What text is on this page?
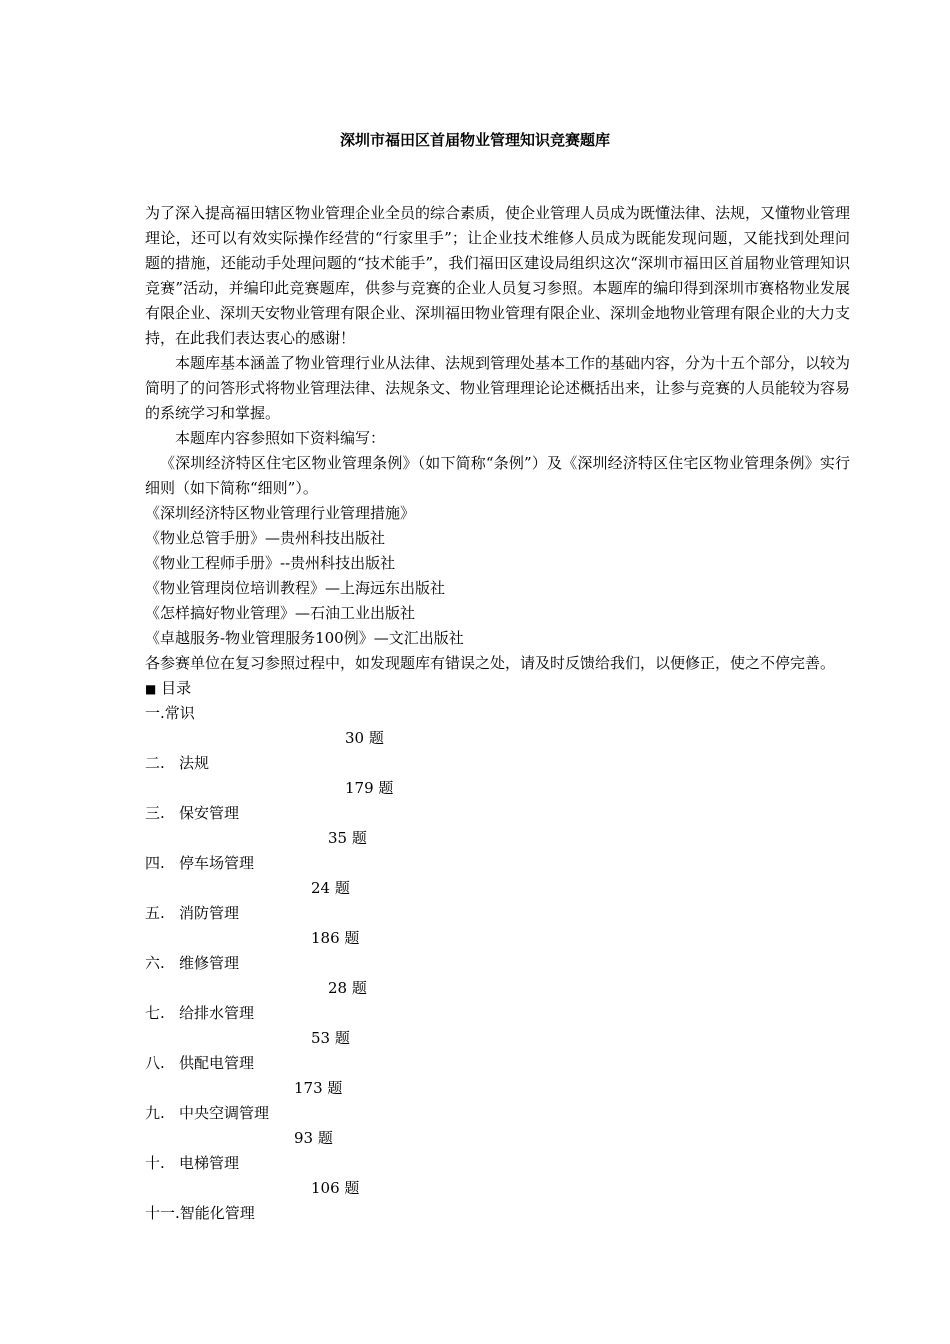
深圳市福田区首届物业管理知识竞赛题库

为了深入提高福田辖区物业管理企业全员的综合素质，使企业管理人员成为既懂法律、法规，又懂物业管理理论，还可以有效实际操作经营的“行家里手”；让企业技术维修人员成为既能发现问题，又能找到处理问题的措施，还能动手处理问题的“技术能手”，我们福田区建设局组织这次“深圳市福田区首届物业管理知识竞赛”活动，并编印此竞赛题库，供参与竞赛的企业人员复习参照。本题库的编印得到深圳市赛格物业发展有限企业、深圳天安物业管理有限企业、深圳福田物业管理有限企业、深圳金地物业管理有限企业的大力支持，在此我们表达衷心的感谢！

本题库基本涵盖了物业管理行业从法律、法规到管理处基本工作的基础内容，分为十五个部分，以较为简明了的问答形式将物业管理法律、法规条文、物业管理理论论述概括出来，让参与竞赛的人员能较为容易的系统学习和掌握。

本题库内容参照如下资料编写：

《深圳经济特区住宅区物业管理条例》（如下简称“条例”）及《深圳经济特区住宅区物业管理条例》实行细则（如下简称“细则”）。

《深圳经济特区物业管理行业管理措施》

《物业总管手册》—贵州科技出版社

《物业工程师手册》--贵州科技出版社

《物业管理岗位培训教程》—上海远东出版社

《怎样搞好物业管理》—石油工业出版社

《卓越服务-物业管理服务100例》—文汇出版社

各参赛单位在复习参照过程中，如发现题库有错误之处，请及时反馈给我们，以便修正，使之不停完善。

■ 目录

一.常识

30 题

二. 法规

179 题

三. 保安管理

35 题

四. 停车场管理

24 题

五. 消防管理

186 题

六. 维修管理

28 题

七. 给排水管理

53 题

八. 供配电管理

173 题

九. 中央空调管理

93 题

十. 电梯管理

106 题

十一.智能化管理
